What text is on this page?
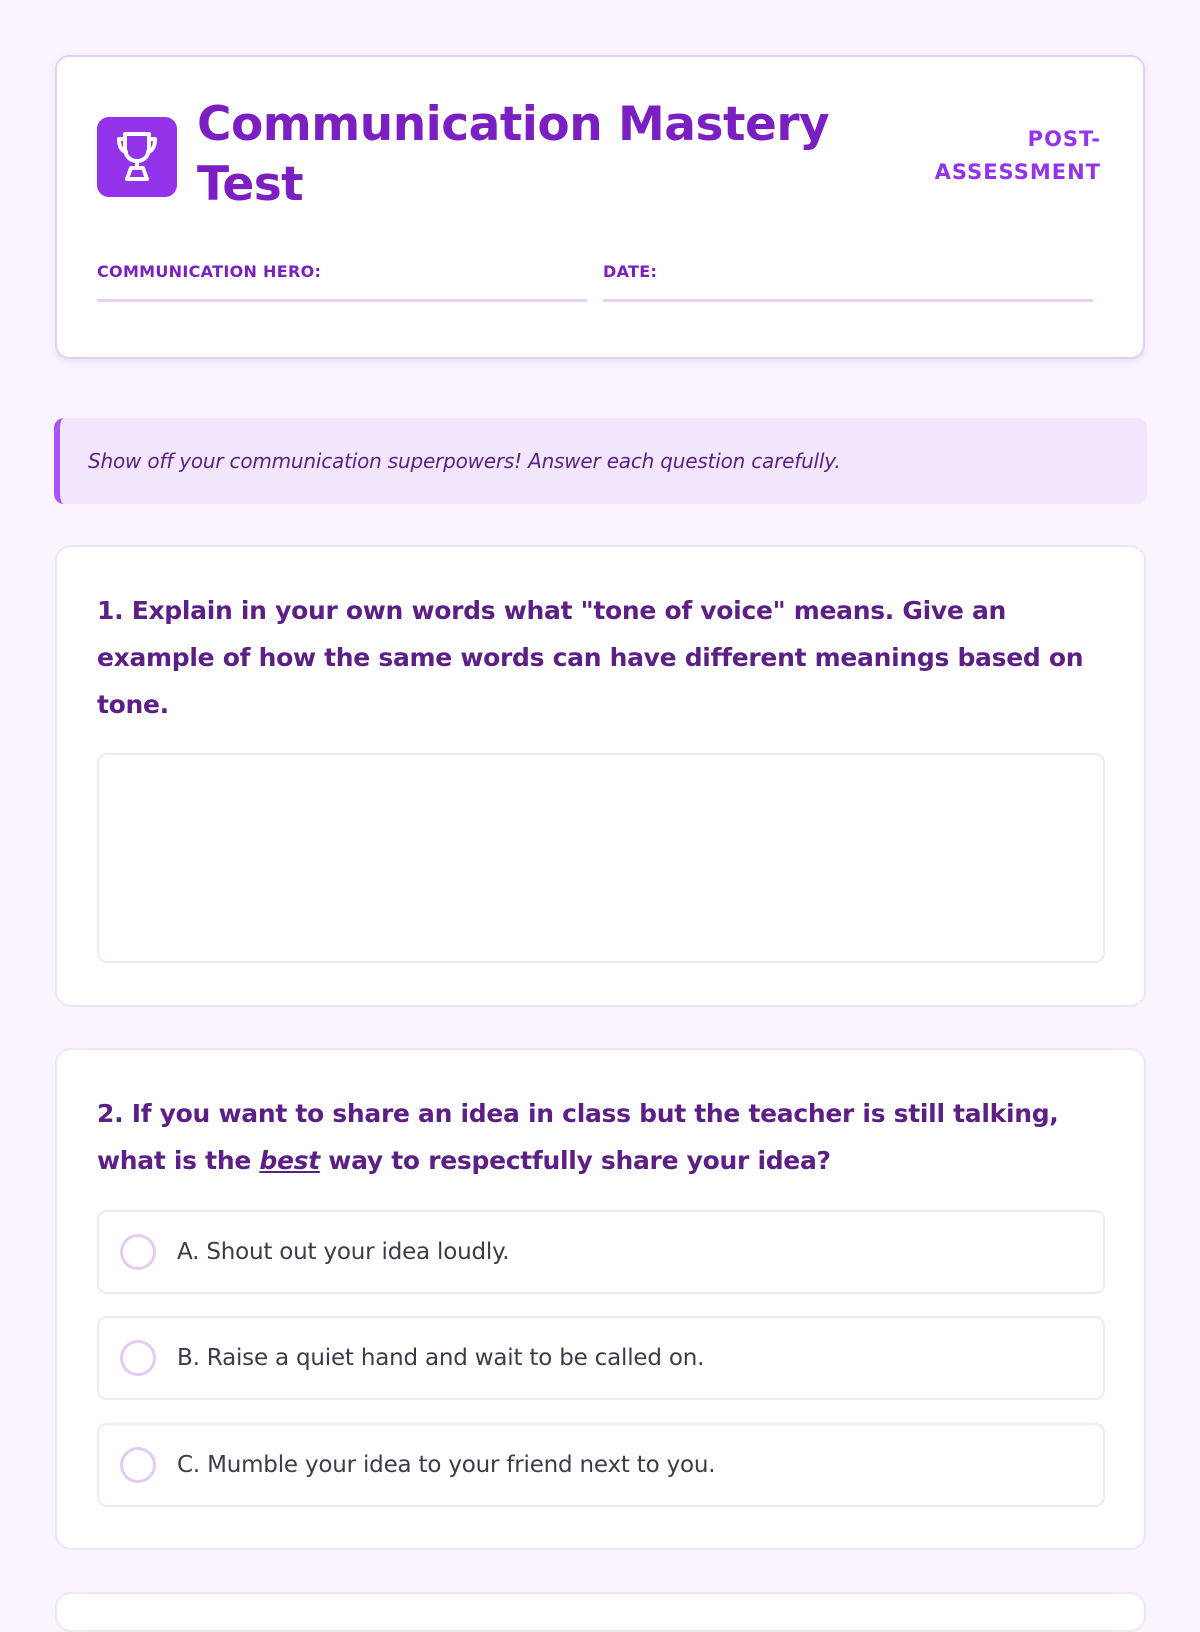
Communication Mastery Test
POST-ASSESSMENT
COMMUNICATION HERO:	DATE:
Show off your communication superpowers! Answer each question carefully.

1. Explain in your own words what "tone of voice" means. Give an example of how the same words can have different meanings based on tone.

2. If you want to share an idea in class but the teacher is still talking, what is the best way to respectfully share your idea?

A. Shout out your idea loudly.
B. Raise a quiet hand and wait to be called on.
C. Mumble your idea to your friend next to you.
